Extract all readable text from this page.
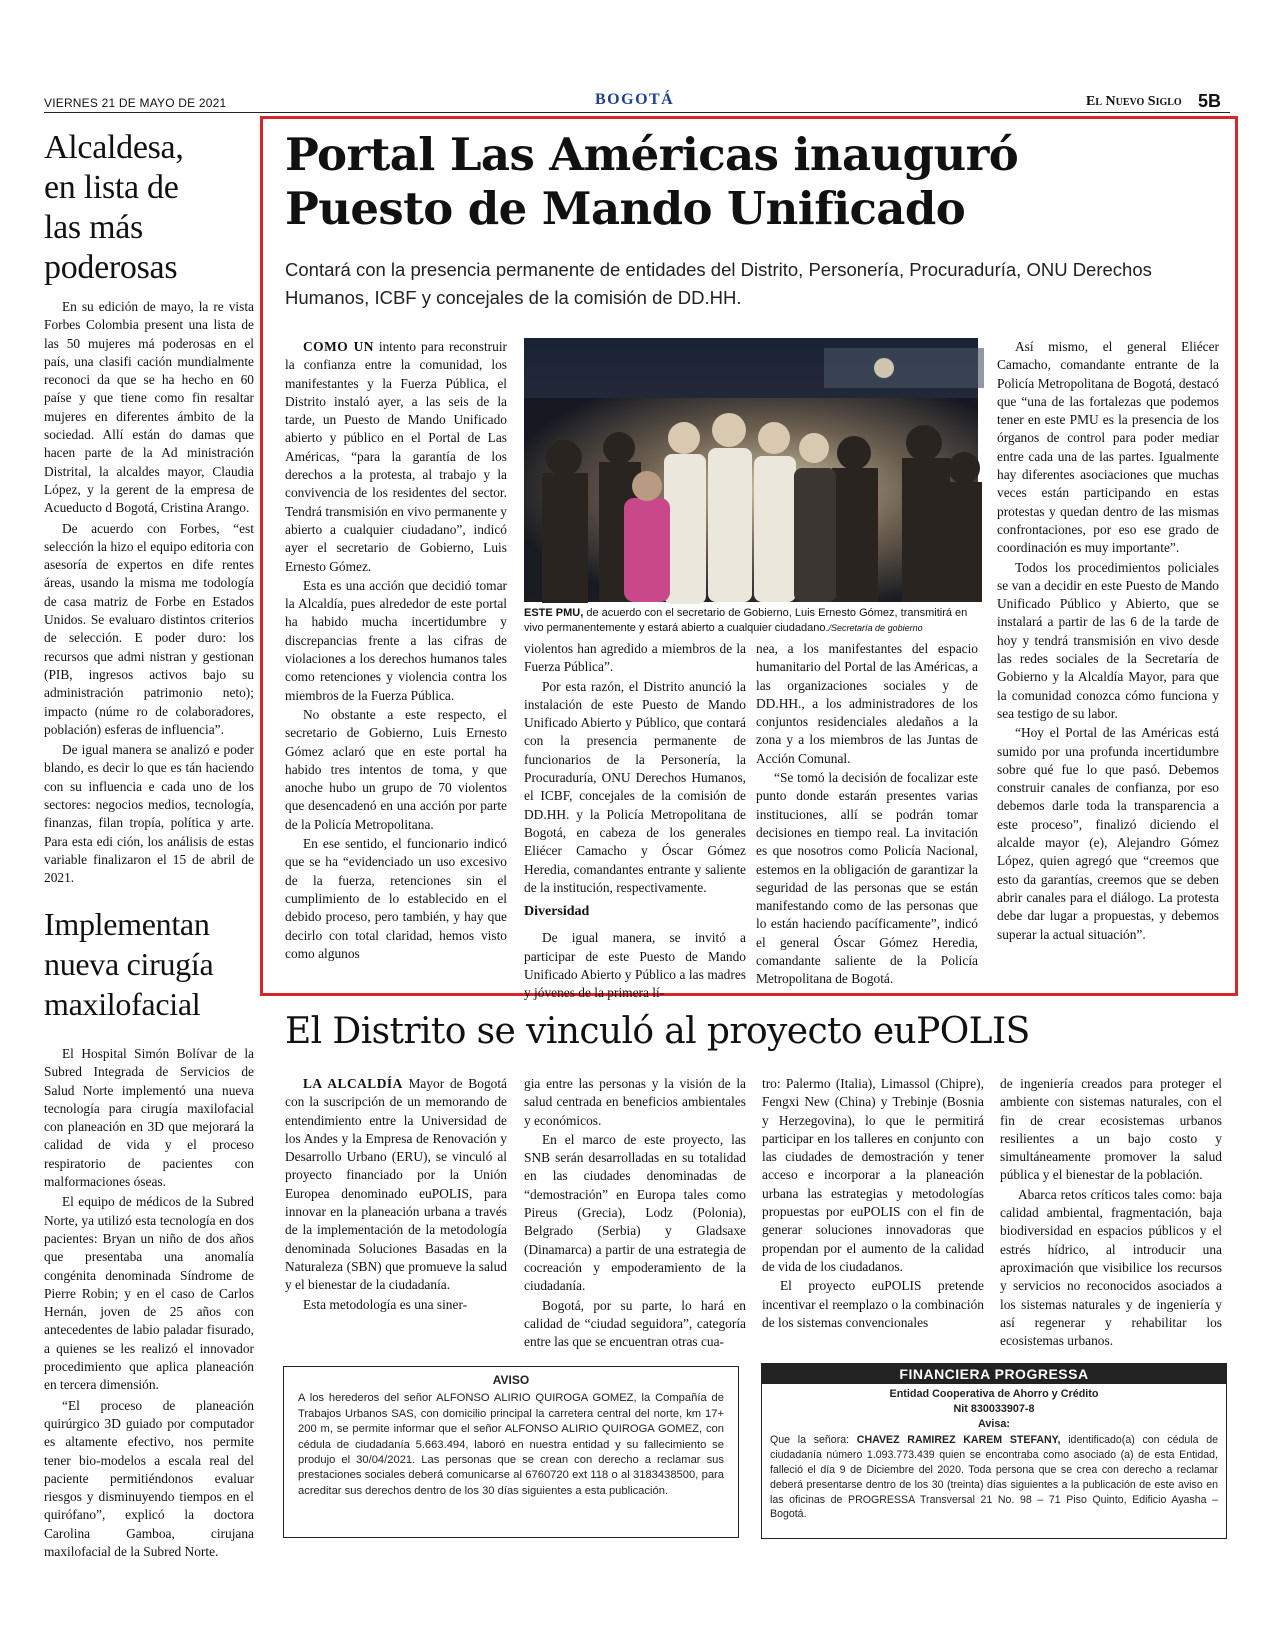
VIERNES 21 DE MAYO DE 2021	BOGOTÁ	El Nuevo Siglo 5B
Alcaldesa, en lista de las más poderosas

En su edición de mayo, la re vista Forbes Colombia present una lista de las 50 mujeres má poderosas en el país, una clasifi cación mundialmente reconoci da que se ha hecho en 60 paíse y que tiene como fin resaltar mujeres en diferentes ámbito de la sociedad. Allí están do damas que hacen parte de la Ad ministración Distrital, la alcaldes mayor, Claudia López, y la gerent de la empresa de Acueducto d Bogotá, Cristina Arango.

De acuerdo con Forbes, “est selección la hizo el equipo editoria con asesoría de expertos en dife rentes áreas, usando la misma me todología de casa matriz de Forbe en Estados Unidos. Se evaluaro distintos criterios de selección. E poder duro: los recursos que admi nistran y gestionan (PIB, ingresos activos bajo su administración patrimonio neto); impacto (núme ro de colaboradores, población) esferas de influencia”.

De igual manera se analizó e poder blando, es decir lo que es tán haciendo con su influencia e cada uno de los sectores: negocios medios, tecnología, finanzas, filan tropía, política y arte. Para esta edi ción, los análisis de estas variable finalizaron el 15 de abril de 2021.

Implementan nueva cirugía maxilofacial

El Hospital Simón Bolívar de la Subred Integrada de Servicios de Salud Norte implementó una nueva tecnología para cirugía maxilofacial con planeación en 3D que mejorará la calidad de vida y el proceso respiratorio de pacientes con malformaciones óseas.

El equipo de médicos de la Subred Norte, ya utilizó esta tecnología en dos pacientes: Bryan un niño de dos años que presentaba una anomalía congénita denominada Síndrome de Pierre Robin; y en el caso de Carlos Hernán, joven de 25 años con antecedentes de labio paladar fisurado, a quienes se les realizó el innovador procedimiento que aplica planeación en tercera dimensión.

“El proceso de planeación quirúrgico 3D guiado por computador es altamente efectivo, nos permite tener bio-modelos a escala real del paciente permitiéndonos evaluar riesgos y disminuyendo tiempos en el quirófano”, explicó la doctora Carolina Gamboa, cirujana maxilofacial de la Subred Norte.

Portal Las Américas inauguró Puesto de Mando Unificado
Contará con la presencia permanente de entidades del Distrito, Personería, Procuraduría, ONU Derechos Humanos, ICBF y concejales de la comisión de DD.HH.

COMO UN intento para reconstruir la confianza entre la comunidad, los manifestantes y la Fuerza Pública, el Distrito instaló ayer, a las seis de la tarde, un Puesto de Mando Unificado abierto y público en el Portal de Las Américas, “para la garantía de los derechos a la protesta, al trabajo y la convivencia de los residentes del sector. Tendrá transmisión en vivo permanente y abierto a cualquier ciudadano”, indicó ayer el secretario de Gobierno, Luis Ernesto Gómez.

Esta es una acción que decidió tomar la Alcaldía, pues alrededor de este portal ha habido mucha incertidumbre y discrepancias frente a las cifras de violaciones a los derechos humanos tales como retenciones y violencia contra los miembros de la Fuerza Pública.

No obstante a este respecto, el secretario de Gobierno, Luis Ernesto Gómez aclaró que en este portal ha habido tres intentos de toma, y que anoche hubo un grupo de 70 violentos que desencadenó en una acción por parte de la Policía Metropolitana.

En ese sentido, el funcionario indicó que se ha “evidenciado un uso excesivo de la fuerza, retenciones sin el cumplimiento de lo establecido en el debido proceso, pero también, y hay que decirlo con total claridad, hemos visto como algunos

ESTE PMU, de acuerdo con el secretario de Gobierno, Luis Ernesto Gómez, transmitirá en vivo permanentemente y estará abierto a cualquier ciudadano./Secretaría de gobierno

violentos han agredido a miembros de la Fuerza Pública”.

Por esta razón, el Distrito anunció la instalación de este Puesto de Mando Unificado Abierto y Público, que contará con la presencia permanente de funcionarios de la Personería, la Procuraduría, ONU Derechos Humanos, el ICBF, concejales de la comisión de DD.HH. y la Policía Metropolitana de Bogotá, en cabeza de los generales Eliécer Camacho y Óscar Gómez Heredia, comandantes entrante y saliente de la institución, respectivamente.

Diversidad

De igual manera, se invitó a participar de este Puesto de Mando Unificado Abierto y Público a las madres y jóvenes de la primera lí-

nea, a los manifestantes del espacio humanitario del Portal de las Américas, a las organizaciones sociales y de DD.HH., a los administradores de los conjuntos residenciales aledaños a la zona y a los miembros de las Juntas de Acción Comunal.

“Se tomó la decisión de focalizar este punto donde estarán presentes varias instituciones, allí se podrán tomar decisiones en tiempo real. La invitación es que nosotros como Policía Nacional, estemos en la obligación de garantizar la seguridad de las personas que se están manifestando como de las personas que lo están haciendo pacíficamente”, indicó el general Óscar Gómez Heredia, comandante saliente de la Policía Metropolitana de Bogotá.

Así mismo, el general Eliécer Camacho, comandante entrante de la Policía Metropolitana de Bogotá, destacó que “una de las fortalezas que podemos tener en este PMU es la presencia de los órganos de control para poder mediar entre cada una de las partes. Igualmente hay diferentes asociaciones que muchas veces están participando en estas protestas y quedan dentro de las mismas confrontaciones, por eso ese grado de coordinación es muy importante”.

Todos los procedimientos policiales se van a decidir en este Puesto de Mando Unificado Público y Abierto, que se instalará a partir de las 6 de la tarde de hoy y tendrá transmisión en vivo desde las redes sociales de la Secretaría de Gobierno y la Alcaldía Mayor, para que la comunidad conozca cómo funciona y sea testigo de su labor.

“Hoy el Portal de las Américas está sumido por una profunda incertidumbre sobre qué fue lo que pasó. Debemos construir canales de confianza, por eso debemos darle toda la transparencia a este proceso”, finalizó diciendo el alcalde mayor (e), Alejandro Gómez López, quien agregó que “creemos que esto da garantías, creemos que se deben abrir canales para el diálogo. La protesta debe dar lugar a propuestas, y debemos superar la actual situación”.

El Distrito se vinculó al proyecto euPOLIS

LA ALCALDÍA Mayor de Bogotá con la suscripción de un memorando de entendimiento entre la Universidad de los Andes y la Empresa de Renovación y Desarrollo Urbano (ERU), se vinculó al proyecto financiado por la Unión Europea denominado euPOLIS, para innovar en la planeación urbana a través de la implementación de la metodología denominada Soluciones Basadas en la Naturaleza (SBN) que promueve la salud y el bienestar de la ciudadanía.

Esta metodología es una siner-

gia entre las personas y la visión de la salud centrada en beneficios ambientales y económicos.

En el marco de este proyecto, las SNB serán desarrolladas en su totalidad en las ciudades denominadas de “demostración” en Europa tales como Pireus (Grecia), Lodz (Polonia), Belgrado (Serbia) y Gladsaxe (Dinamarca) a partir de una estrategia de cocreación y empoderamiento de la ciudadanía.

Bogotá, por su parte, lo hará en calidad de “ciudad seguidora”, categoría entre las que se encuentran otras cua-

tro: Palermo (Italia), Limassol (Chipre), Fengxi New (China) y Trebinje (Bosnia y Herzegovina), lo que le permitirá participar en los talleres en conjunto con las ciudades de demostración y tener acceso e incorporar a la planeación urbana las estrategias y metodologías propuestas por euPOLIS con el fin de generar soluciones innovadoras que propendan por el aumento de la calidad de vida de los ciudadanos.

El proyecto euPOLIS pretende incentivar el reemplazo o la combinación de los sistemas convencionales

de ingeniería creados para proteger el ambiente con sistemas naturales, con el fin de crear ecosistemas urbanos resilientes a un bajo costo y simultáneamente promover la salud pública y el bienestar de la población.

Abarca retos críticos tales como: baja calidad ambiental, fragmentación, baja biodiversidad en espacios públicos y el estrés hídrico, al introducir una aproximación que visibilice los recursos y servicios no reconocidos asociados a los sistemas naturales y de ingeniería y así regenerar y rehabilitar los ecosistemas urbanos.

AVISO
A los herederos del señor ALFONSO ALIRIO QUIROGA GOMEZ, la Compañía de Trabajos Urbanos SAS, con domicilio principal la carretera central del norte, km 17+ 200 m, se permite informar que el señor ALFONSO ALIRIO QUIROGA GOMEZ, con cédula de ciudadanía 5.663.494, laboró en nuestra entidad y su fallecimiento se produjo el 30/04/2021. Las personas que se crean con derecho a reclamar sus prestaciones sociales deberá comunicarse al 6760720 ext 118 o al 3183438500, para acreditar sus derechos dentro de los 30 días siguientes a esta publicación.
FINANCIERA PROGRESSA
Entidad Cooperativa de Ahorro y Crédito
Nit 830033907-8
Avisa:
Que la señora: CHAVEZ RAMIREZ KAREM STEFANY, identificado(a) con cédula de ciudadanía número 1.093.773.439 quien se encontraba como asociado (a) de esta Entidad, falleció el día 9 de Diciembre del 2020. Toda persona que se crea con derecho a reclamar deberá presentarse dentro de los 30 (treinta) días siguientes a la publicación de este aviso en las oficinas de PROGRESSA Transversal 21 No. 98 – 71 Piso Quinto, Edificio Ayasha – Bogotá.
